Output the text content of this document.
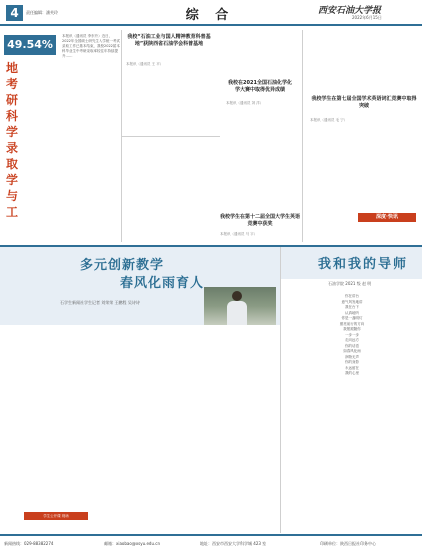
4	责任编辑：潘芙玲	综 合	西安石油大学报
2022年6月15日
49.54%
地
考
研
科
学
录
取
学
与
工

本报讯（通讯员 李东升）近日，2022年全国硕士研究生入学统一考试录取工作已基本结束，我校2022届本科毕业生中考研录取率较往年持续提升……

我校“石油工业与国人精神教育科普基地”获陕西省石油学会科普基地
本报讯（通讯员 王 平）
我校在2021全国石油化学化学大赛中取得优异成绩
本报讯（通讯员 刘 洋）
我校学生在第十二届全国大学生英语竞赛中获奖
本报讯（通讯员 马 宇）
我校学生在第七届全国学术英语词汇竞赛中取得突破
本报讯（通讯员 毛 宁）
深度·快讯
多元创新教学
春风化雨育人
石学生新闻社学生记者 刘荣荣 王鹏程 吴诗诗
学生公开课 现场
我和我的导师
石油学院 2021 级 赵 明

你在讲台

意气风发地讲

我在台下

认真地听

你是一盏明灯

照亮前行的方向

我愿跟随你

一步一步

走向远方

你的话语

如春风化雨

润物无声

你的身影

永远留在

我的心里

新闻热线：029-88382274	邮箱：xiaobao@xsyu.edu.cn	地址：西安市西安大学科学城 423 室	印刷单位：陕西日报社印务中心
